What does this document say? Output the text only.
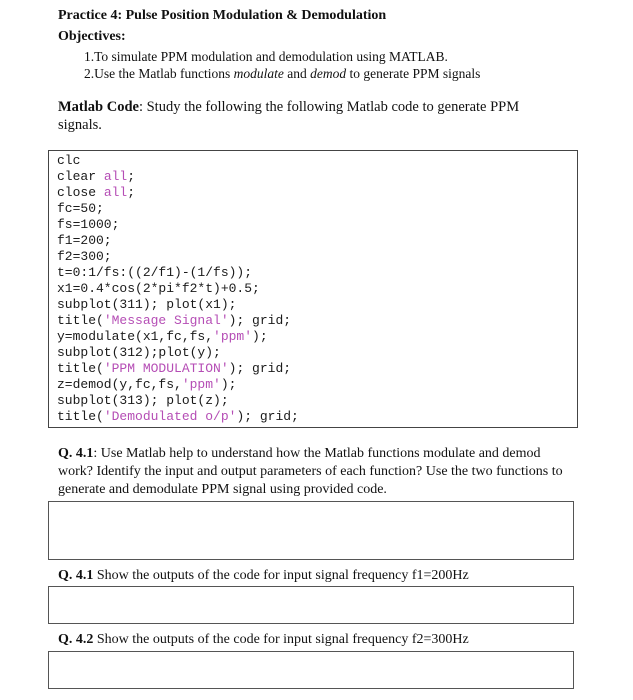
Practice 4: Pulse Position Modulation & Demodulation
Objectives:
1.To simulate PPM modulation and demodulation using MATLAB.
2.Use the Matlab functions modulate and demod to generate PPM signals
Matlab Code: Study the following the following Matlab code to generate PPM signals.
clc
clear all;
close all;
fc=50;
fs=1000;
f1=200;
f2=300;
t=0:1/fs:((2/f1)-(1/fs));
x1=0.4*cos(2*pi*f2*t)+0.5;
subplot(311); plot(x1);
title('Message Signal'); grid;
y=modulate(x1,fc,fs,'ppm');
subplot(312);plot(y);
title('PPM MODULATION'); grid;
z=demod(y,fc,fs,'ppm');
subplot(313); plot(z);
title('Demodulated o/p'); grid;
Q. 4.1: Use Matlab help to understand how the Matlab functions modulate and demod work? Identify the input and output parameters of each function? Use the two functions to generate and demodulate PPM signal using provided code.
Q. 4.1 Show the outputs of the code for input signal frequency f1=200Hz
Q. 4.2 Show the outputs of the code for input signal frequency f2=300Hz
